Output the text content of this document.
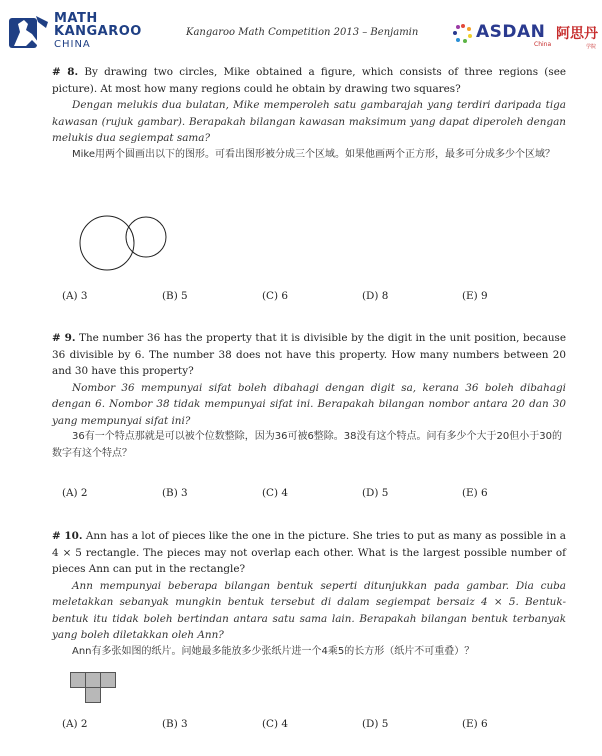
MATH
KANGAROO
CHINA
Kangaroo Math Competition 2013 – Benjamin	ASDAN 阿思丹
China	学院

# 8. By drawing two circles, Mike obtained a figure, which consists of three regions (see picture). At most how many regions could he obtain by drawing two squares?

Dengan melukis dua bulatan, Mike memperoleh satu gambarajah yang terdiri daripada tiga kawasan (rujuk gambar). Berapakah bilangan kawasan maksimum yang dapat diperoleh dengan melukis dua segiempat sama?

Mike用两个圆画出以下的图形。可看出图形被分成三个区域。如果他画两个正方形，最多可分成多少个区域？

(A) 3	(B) 5	(C) 6	(D) 8	(E) 9

# 9. The number 36 has the property that it is divisible by the digit in the unit position, because 36 divisible by 6. The number 38 does not have this property. How many numbers between 20 and 30 have this property?

Nombor 36 mempunyai sifat boleh dibahagi dengan digit sa, kerana 36 boleh dibahagi dengan 6. Nombor 38 tidak mempunyai sifat ini. Berapakah bilangan nombor antara 20 dan 30 yang mempunyai sifat ini?

36有一个特点那就是可以被个位数整除，因为36可被6整除。38没有这个特点。问有多少个大于20但小于30的数字有这个特点？

(A) 2	(B) 3	(C) 4	(D) 5	(E) 6

# 10. Ann has a lot of pieces like the one in the picture. She tries to put as many as possible in a 4 × 5 rectangle. The pieces may not overlap each other. What is the largest possible number of pieces Ann can put in the rectangle?

Ann mempunyai beberapa bilangan bentuk seperti ditunjukkan pada gambar. Dia cuba meletakkan sebanyak mungkin bentuk tersebut di dalam segiempat bersaiz 4 × 5. Bentuk-bentuk itu tidak boleh bertindan antara satu sama lain. Berapakah bilangan bentuk terbanyak yang boleh diletakkan oleh Ann?

Ann有多张如图的纸片。问她最多能放多少张纸片进一个4乘5的长方形（纸片不可重叠）？

(A) 2	(B) 3	(C) 4	(D) 5	(E) 6
